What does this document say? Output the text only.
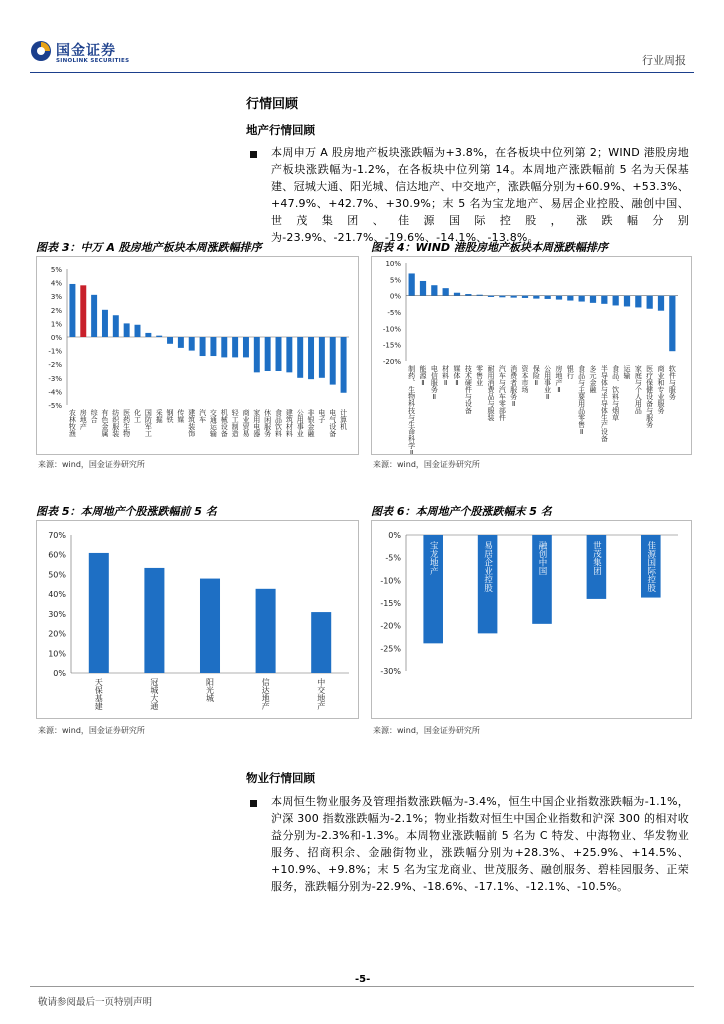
国金证券
SINOLINK SECURITIES	行业周报
行情回顾
地产行情回顾
本周申万 A 股房地产板块涨跌幅为+3.8%，在各板块中位列第 2；WIND 港股房地产板块涨跌幅为-1.2%，在各板块中位列第 14。本周地产涨跌幅前 5 名为天保基建、冠城大通、阳光城、信达地产、中交地产，涨跌幅分别为+60.9%、+53.3%、+47.9%、+42.7%、+30.9%；末 5 名为宝龙地产、易居企业控股、融创中国、世茂集团、佳源国际控股，涨跌幅分别为-23.9%、-21.7%、-19.6%、-14.1%、-13.8%。
图表 3：中万 A 股房地产板块本周涨跌幅排序
5%
4%
3%
2%
1%
0%
-1%
-2%
-3%
-4%
-5%
农林牧渔 房地产 综合 有色金属 纺织服装 医药生物 化工 国防军工 采掘 钢铁 传媒 建筑装饰 汽车 交通运输 机械设备 轻工制造 商业贸易 家用电器 休闲服务 食品饮料 建筑材料 公用事业 非银金融 电子 电气设备 计算机
来源：wind，国金证券研究所
图表 4：WIND 港股房地产板块本周涨跌幅排序
10%
5%
0%
-5%
-10%
-15%
-20%
制药、生物科技与生命科学Ⅱ 能源Ⅱ 电信服务Ⅱ 材料Ⅱ 媒体Ⅱ 技术硬件与设备 零售业 耐用消费品与服装 汽车与汽车零部件 消费者服务Ⅱ 资本市场 保险Ⅱ 公用事业Ⅱ 房地产Ⅱ 银行 食品与主要用品零售Ⅱ 多元金融 半导体与半导体生产设备 食品、饮料与烟草 运输 家庭与个人用品 医疗保健设备与服务 商业和专业服务 软件与服务
来源：wind，国金证券研究所
图表 5：本周地产个股涨跌幅前 5 名
70%
60%
50%
40%
30%
20%
10%
0%
天保基建	冠城大通	阳光城	信达地产	中交地产
来源：wind，国金证券研究所
图表 6：本周地产个股涨跌幅末 5 名
0%
-5%
-10%
-15%
-20%
-25%
-30%
宝龙地产	易居企业控股	融创中国	世茂集团	佳源国际控股
来源：wind，国金证券研究所
物业行情回顾
本周恒生物业服务及管理指数涨跌幅为-3.4%，恒生中国企业指数涨跌幅为-1.1%，沪深 300 指数涨跌幅为-2.1%；物业指数对恒生中国企业指数和沪深 300 的相对收益分别为-2.3%和-1.3%。本周物业涨跌幅前 5 名为 C 特发、中海物业、华发物业服务、招商积余、金融街物业，涨跌幅分别为+28.3%、+25.9%、+14.5%、+10.9%、+9.8%；末 5 名为宝龙商业、世茂服务、融创服务、碧桂园服务、正荣服务，涨跌幅分别为-22.9%、-18.6%、-17.1%、-12.1%、-10.5%。
-5-
敬请参阅最后一页特别声明
